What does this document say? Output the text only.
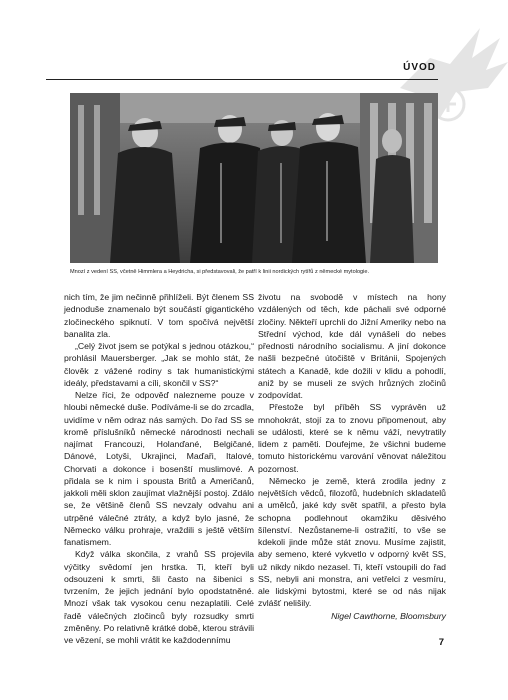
ÚVOD
Mnozí z vedení SS, včetně Himmlera a Heydricha, si představovali, že patří k linii nordických rytířů z německé mytologie.

nich tím, že jim nečinně přihlíželi. Být členem SS jednoduše znamenalo být součástí gigantického zločineckého spiknutí. V tom spočívá největší banalita zla.

„Celý život jsem se potýkal s jednou otázkou,“ prohlásil Mauersberger. „Jak se mohlo stát, že člověk z vážené rodiny s tak humanistickými ideály, představami a cíli, skončil v SS?“

Nelze říci, že odpověď nalezneme pouze v hloubi německé duše. Podíváme-li se do zrcadla, uvidíme v něm odraz nás samých. Do řad SS se kromě příslušníků německé národnosti nechali najímat Francouzi, Holanďané, Belgičané, Dánové, Lotyši, Ukrajinci, Maďaři, Italové, Chorvati a dokonce i bosenští muslimové. A přidala se k nim i spousta Britů a Američanů, jakkoli měli sklon zaujímat vlažnější postoj. Zdálo se, že většině členů SS nevzaly odvahu ani utrpěné válečné ztráty, a když bylo jasné, že Německo válku prohraje, vraždili s ještě větším fanatismem.

Když válka skončila, z vrahů SS projevila výčitky svědomí jen hrstka. Ti, kteří byli odsouzeni k smrti, šli často na šibenici s tvrzením, že jejich jednání bylo opodstatněné. Mnozí však tak vysokou cenu nezaplatili. Celé řadě válečných zločinců byly rozsudky smrti změněny. Po relativně krátké době, kterou strávili ve vězení, se mohli vrátit ke každodennímu

životu na svobodě v místech na hony vzdálených od těch, kde páchali své odporné zločiny. Někteří uprchli do Jižní Ameriky nebo na Střední východ, kde dál vynášeli do nebes přednosti národního socialismu. A jiní dokonce našli bezpečné útočiště v Británii, Spojených státech a Kanadě, kde dožili v klidu a pohodlí, aniž by se museli ze svých hrůzných zločinů zodpovídat.

Přestože byl příběh SS vyprávěn už mnohokrát, stojí za to znovu připomenout, aby se události, které se k němu váží, nevytratily lidem z paměti. Doufejme, že všichni budeme tomuto historickému varování věnovat náležitou pozornost.

Německo je země, která zrodila jedny z největších vědců, filozofů, hudebních skladatelů a umělců, jaké kdy svět spatřil, a přesto byla schopna podlehnout okamžiku děsivého šílenství. Nezůstaneme-li ostražití, to vše se kdekoli jinde může stát znovu. Musíme zajistit, aby semeno, které vykvetlo v odporný květ SS, už nikdy nikdo nezasel. Ti, kteří vstoupili do řad SS, nebyli ani monstra, ani vetřelci z vesmíru, ale lidskými bytostmi, které se od nás nijak zvlášť nelišily.

Nigel Cawthorne, Bloomsbury

7
